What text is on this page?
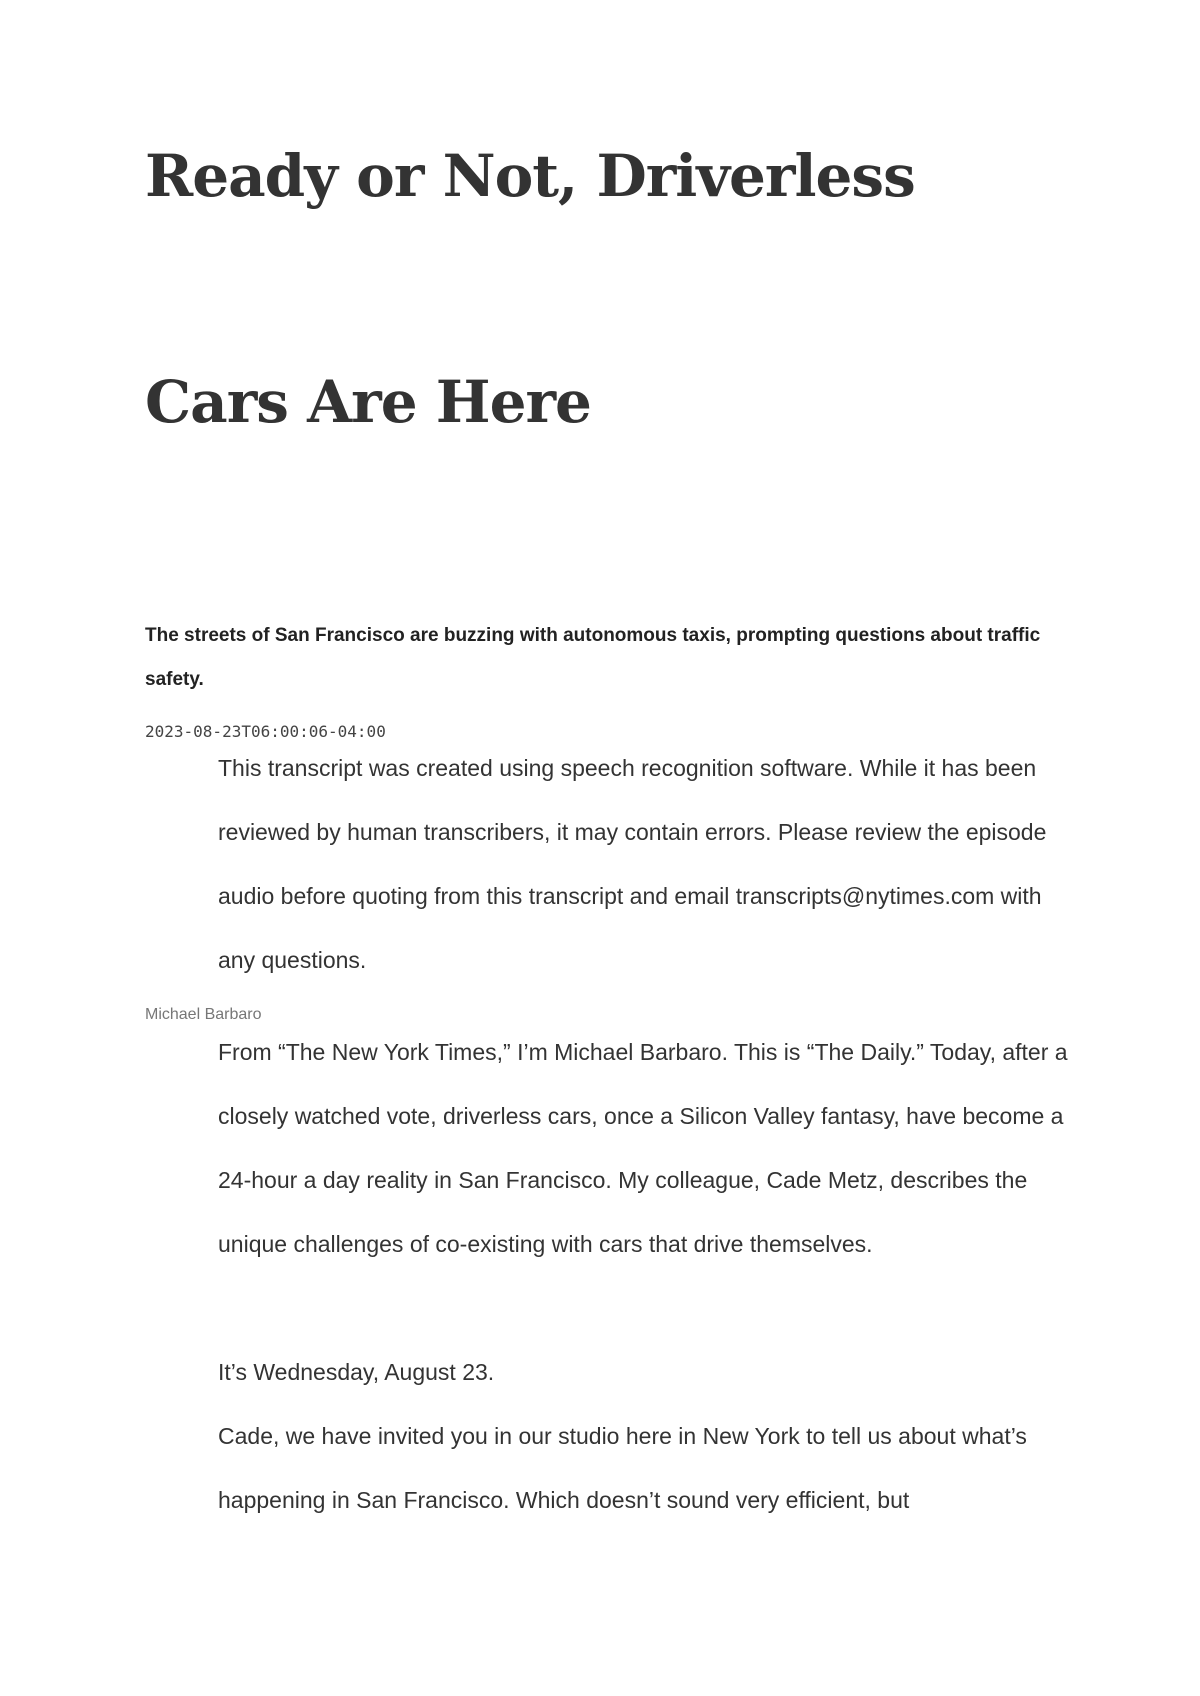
Ready or Not, Driverless
Cars Are Here

The streets of San Francisco are buzzing with autonomous taxis, prompting questions about traffic safety.

2023-08-23T06:00:06-04:00

This transcript was created using speech recognition software. While it has been reviewed by human transcribers, it may contain errors. Please review the episode audio before quoting from this transcript and email transcripts@nytimes.com with any questions.

Michael Barbaro

From “The New York Times,” I’m Michael Barbaro. This is “The Daily.” Today, after a closely watched vote, driverless cars, once a Silicon Valley fantasy, have become a 24-hour a day reality in San Francisco. My colleague, Cade Metz, describes the unique challenges of co-existing with cars that drive themselves.

It’s Wednesday, August 23.

Cade, we have invited you in our studio here in New York to tell us about what’s happening in San Francisco. Which doesn’t sound very efficient, but
